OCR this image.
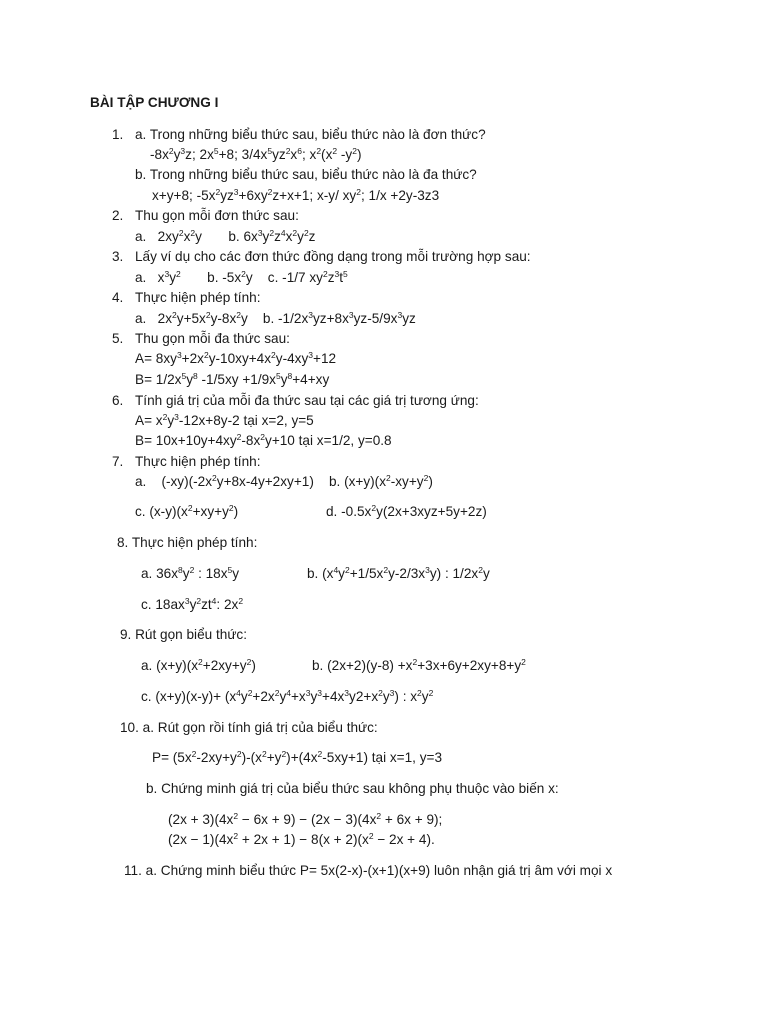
BÀI TẬP CHƯƠNG I
1.
2.
3.
4.
5.
6.
7.
a. Trong những biểu thức sau, biểu thức nào là đơn thức?
$-8x^2y^3z$; $2x^5+8$; $3/4x^5yz^2x^6$; $x^2(x^2$ $-y^2$)
b. Trong những biểu thức sau, biểu thức nào là đa thức?
x+y+8; $-5x^2yz^3+6xy^2z+x+1$; x-y/ $xy^2$; 1/x +2y-3z3
Thu gọn mỗi đơn thức sau:
a.   $2xy^2x^2y$       b. $6x^3y^2z^4x^2y^2z$
Lấy ví dụ cho các đơn thức đồng dạng trong mỗi trường hợp sau:
a.   $x^3y^2$       b. $-5x^2y$    c. -1/7 $xy^2z^3t^5$
Thực hiện phép tính:
a.   $2x^2y+5x^2y-8x^2y$    b. $-1/2x^3yz+8x^3yz-5/9x^3yz$
Thu gọn mỗi đa thức sau:
$A= 8xy^3+2x^2y-10xy+4x^2y-4xy^3+12$
$B= 1/2x^5y^8$ $-1/5xy +1/9x^5y^8+4+xy$
Tính giá trị của mỗi đa thức sau tại các giá trị tương ứng:
$A= x^2y^3-12x+8y-2$ tại x=2, y=5
$B= 10x+10y+4xy^2-8x^2y+10$ tại x=1/2, y=0.8
Thực hiện phép tính:
a.    $(-xy)(-2x^2y+8x-4y+2xy+1)$    b. $(x+y)(x^2-xy+y^2)$
c. $(x-y)(x^2+xy+y^2)$	d. $-0.5x^2y(2x+3xyz+5y+2z)$
8. Thực hiện phép tính:
a. $36x^8y^2$ : $18x^5y$	b. $(x^4y^2+1/5x^2y-2/3x^3y)$ : $1/2x^2y$
c. $18ax^3y^2zt^4$: $2x^2$
9. Rút gọn biểu thức:
a. $(x+y)(x^2+2xy+y^2)$	b. $(2x+2)(y-8) +x^2+3x+6y+2xy+8+y^2$
c. $(x+y)(x-y)+ (x^4y^2+2x^2y^4+x^3y^3+4x^3y2+x^2y^3)$ : $x^2y^2$
10. a. Rút gọn rồi tính giá trị của biểu thức:
$P= (5x^2-2xy+y^2)-(x^2+y^2)+(4x^2-5xy+1)$ tại x=1, y=3
b. Chứng minh giá trị của biểu thức sau không phụ thuộc vào biến x:
$(2x + 3)(4x^2 - 6x + 9) - (2x - 3)(4x^2 + 6x + 9)$;
$(2x - 1)(4x^2 + 2x + 1) - 8(x + 2)(x^2 - 2x + 4)$.
11. a. Chứng minh biểu thức P= 5x(2-x)-(x+1)(x+9) luôn nhận giá trị âm với mọi x
